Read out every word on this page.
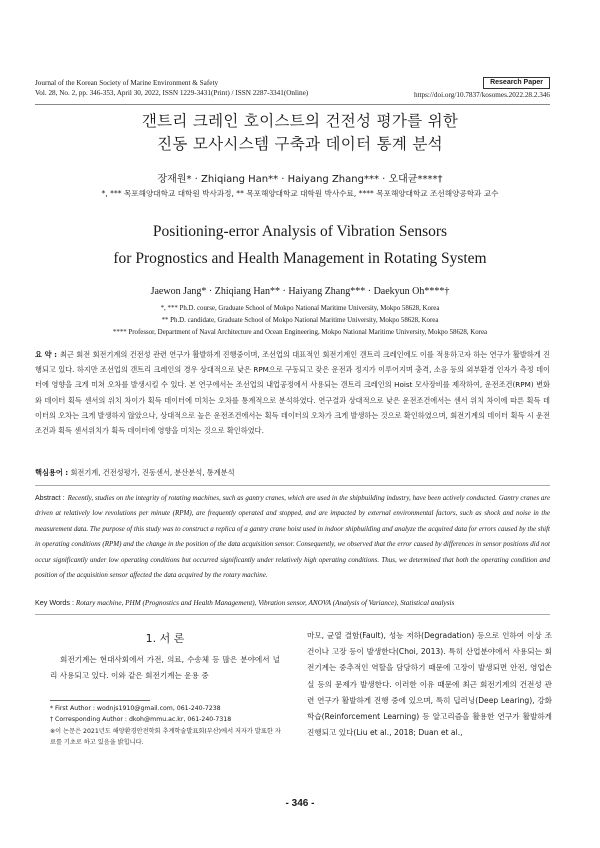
Journal of the Korean Society of Marine Environment & Safety
Vol. 28, No. 2, pp. 346-353, April 30, 2022, ISSN 1229-3431(Print) / ISSN 2287-3341(Online)
Research Paper
https://doi.org/10.7837/kosomes.2022.28.2.346
갠트리 크레인 호이스트의 건전성 평가를 위한
진동 모사시스템 구축과 데이터 통계 분석
장재원* · Zhiqiang Han** · Haiyang Zhang*** · 오대균****†
*, *** 목포해양대학교 대학원 박사과정, ** 목포해양대학교 대학원 박사수료, **** 목포해양대학교 조선해양공학과 교수
Positioning-error Analysis of Vibration Sensors
for Prognostics and Health Management in Rotating System
Jaewon Jang* · Zhiqiang Han** · Haiyang Zhang*** · Daekyun Oh****†
*, *** Ph.D. course, Graduate School of Mokpo National Maritime University, Mokpo 58628, Korea
** Ph.D. candidate, Graduate School of Mokpo National Maritime University, Mokpo 58628, Korea
**** Professor, Department of Naval Architecture and Ocean Engineering, Mokpo National Maritime University, Mokpo 58628, Korea
요 약 : 최근 회전 회전기계의 건전성 관련 연구가 활발하게 진행중이며, 조선업의 대표적인 회전기계인 갠트리 크레인에도 이를 적용하고자 하는 연구가 활발하게 진행되고 있다. 하지만 조선업의 갠트리 크레인의 경우 상대적으로 낮은 RPM으로 구동되고 잦은 운전과 정지가 이루어지며 충격, 소음 등의 외부환경 인자가 측정 데이터에 영향을 크게 미쳐 오차를 발생시킬 수 있다. 본 연구에서는 조선업의 내업공정에서 사용되는 갠트리 크레인의 Hoist 모사장비를 제작하여, 운전조건(RPM) 변화와 데이터 획득 센서의 위치 차이가 획득 데이터에 미치는 오차를 통계적으로 분석하였다. 연구결과 상대적으로 낮은 운전조건에서는 센서 위치 차이에 따른 획득 데이터의 오차는 크게 발생하지 않았으나, 상대적으로 높은 운전조건에서는 획득 데이터의 오차가 크게 발생하는 것으로 확인하였으며, 회전기계의 데이터 획득 시 운전조건과 획득 센서위치가 획득 데이터에 영향을 미치는 것으로 확인하였다.
핵심용어 : 회전기계, 건전성평가, 진동센서, 분산분석, 통계분석
Abstract : Recently, studies on the integrity of rotating machines, such as gantry cranes, which are used in the shipbuilding industry, have been actively conducted. Gantry cranes are driven at relatively low revolutions per minute (RPM), are frequently operated and stopped, and are impacted by external environmental factors, such as shock and noise in the measurement data. The purpose of this study was to construct a replica of a gantry crane hoist used in indoor shipbuilding and analyze the acquired data for errors caused by the shift in operating conditions (RPM) and the change in the position of the data acquisition sensor. Consequently, we observed that the error caused by differences in sensor positions did not occur significantly under low operating conditions but occurred significantly under relatively high operating conditions. Thus, we determined that both the operating condition and position of the acquisition sensor affected the data acquired by the rotary machine.
Key Words : Rotary machine, PHM (Prognostics and Health Management), Vibration sensor, ANOVA (Analysis of Variance), Statistical analysis
1. 서 론
회전기계는 현대사회에서 가전, 의료, 수송체 등 많은 분야에서 널리 사용되고 있다. 이와 같은 회전기계는 운용 중
* First Author : wodnjs1910@gmail.com, 061-240-7238
† Corresponding Author : dkoh@mmu.ac.kr, 061-240-7318
※이 논문은 2021년도 해양환경안전학회 추계학술발표회(부산)에서 저자가 발표한 자료를 기초로 하고 있음을 밝힙니다.
마모, 균열 결함(Fault), 성능 저하(Degradation) 등으로 인하여 이상 조건이나 고장 등이 발생한다(Choi, 2013). 특히 산업분야에서 사용되는 회전기계는 중추적인 역할을 담당하기 때문에 고장이 발생되면 안전, 영업손실 등의 문제가 발생한다. 이러한 이유 때문에 최근 회전기계의 건전성 관련 연구가 활발하게 진행 중에 있으며, 특히 딥러닝(Deep Learing), 강화 학습(Reinforcement Learning) 등 알고리즘을 활용한 연구가 활발하게 진행되고 있다(Liu et al., 2018; Duan et al.,
- 346 -
